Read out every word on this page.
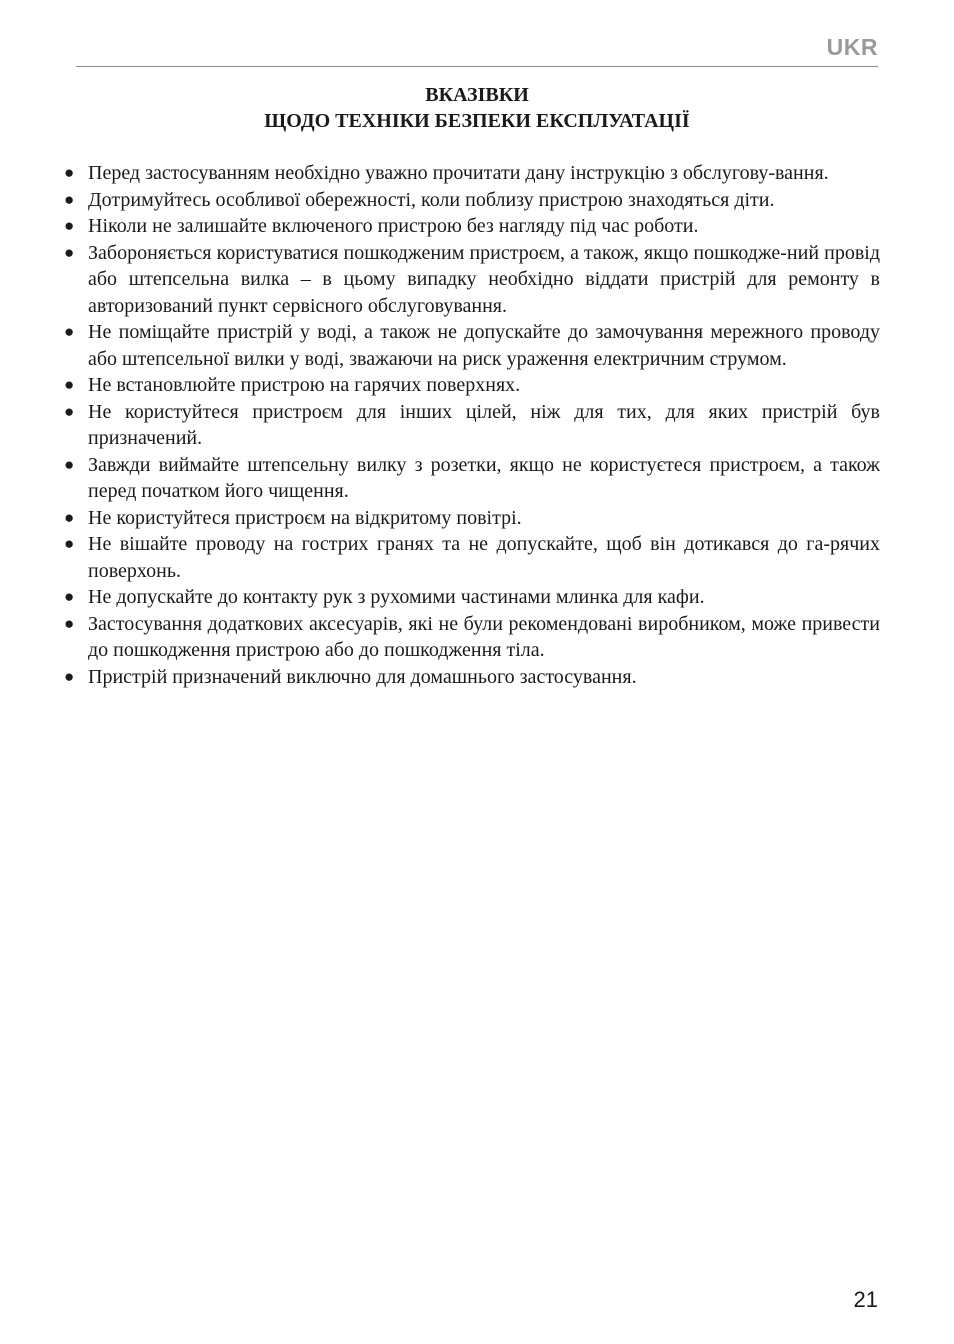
UKR
ВКАЗІВКИ
ЩОДО ТЕХНІКИ БЕЗПЕКИ ЕКСПЛУАТАЦІЇ
● Перед застосуванням необхідно уважно прочитати дану інструкцію з обслугову-вання.
● Дотримуйтесь особливої обережності, коли поблизу пристрою знаходяться діти.
● Ніколи не залишайте включеного пристрою без нагляду під час роботи.
● Забороняється користуватися пошкодженим пристроєм, а також, якщо пошкодже-ний провід або штепсельна вилка – в цьому випадку необхідно віддати пристрій для ремонту в авторизований пункт сервісного обслуговування.
● Не поміщайте пристрій у воді, а також не допускайте до замочування мережного проводу або штепсельної вилки у воді, зважаючи на риск ураження електричним струмом.
● Не встановлюйте пристрою на гарячих поверхнях.
● Не користуйтеся пристроєм для інших цілей, ніж для тих, для яких пристрій був призначений.
● Завжди виймайте штепсельну вилку з розетки, якщо не користуєтеся пристроєм, а також перед початком його чищення.
● Не користуйтеся пристроєм на відкритому повітрі.
● Не вішайте проводу на гострих гранях та не допускайте, щоб він дотикався до га-рячих поверхонь.
● Не допускайте до контакту рук з рухомими частинами млинка для кафи.
● Застосування додаткових аксесуарів, які не були рекомендовані виробником, може привести до пошкодження пристрою або до пошкодження тіла.
● Пристрій призначений виключно для домашнього застосування.
21
